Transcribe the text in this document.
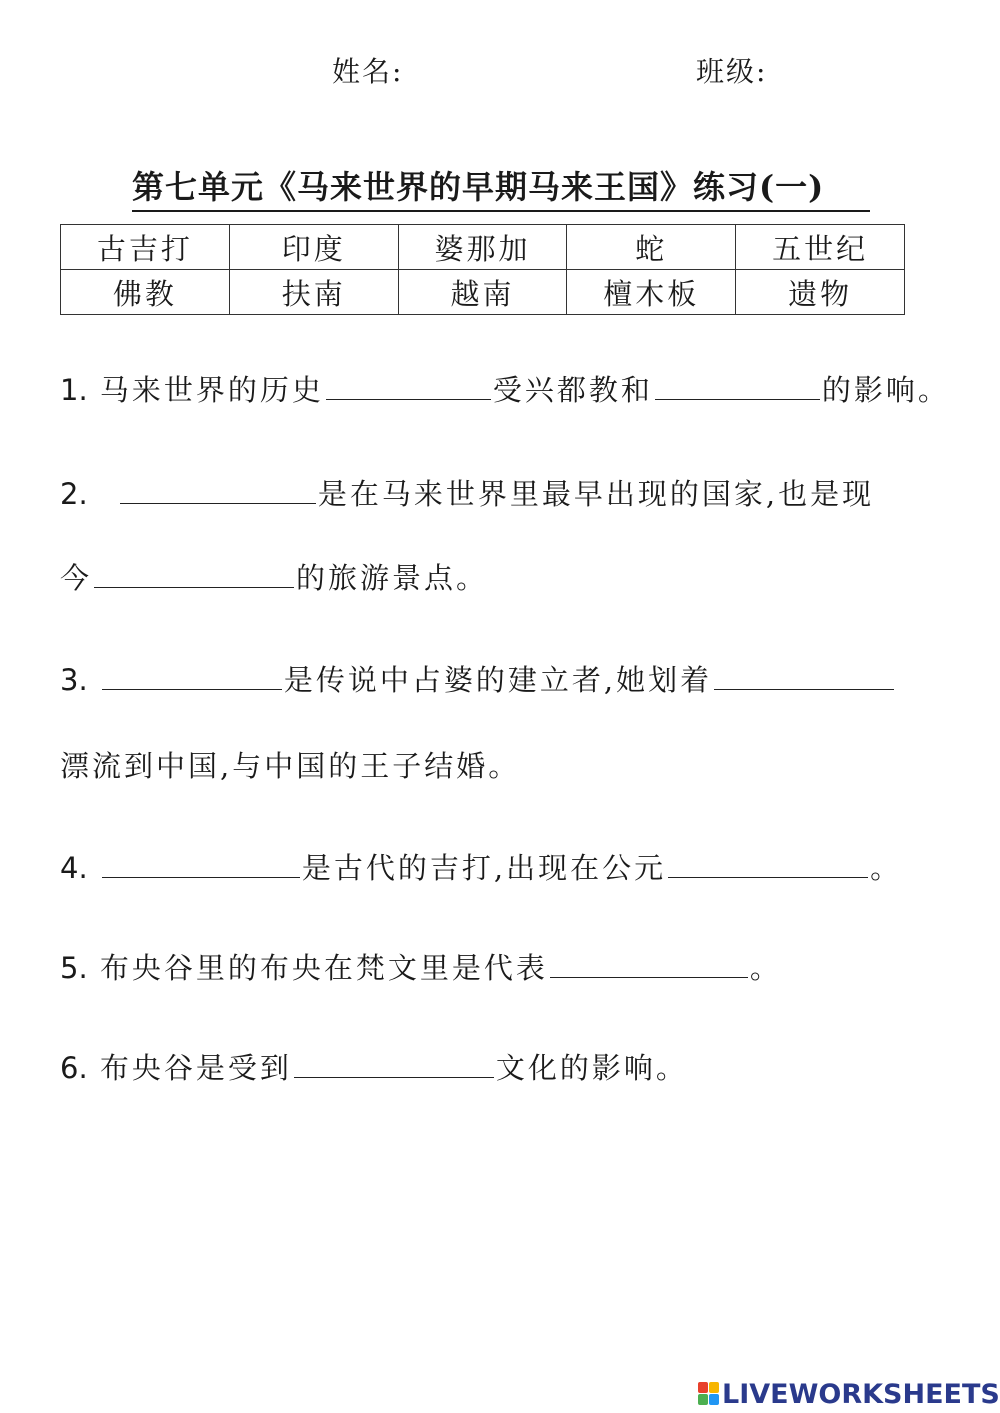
姓名:	班级:
第七单元《马来世界的早期马来王国》练习(一)
古吉打	印度	婆那加	蛇	五世纪
佛教	扶南	越南	檀木板	遗物
1. 马来世界的历史	受兴都教和	的影响。
2.	是在马来世界里最早出现的国家,也是现
今	的旅游景点。
3.	是传说中占婆的建立者,她划着
漂流到中国,与中国的王子结婚。
4.	是古代的吉打,出现在公元	。
5. 布央谷里的布央在梵文里是代表	。
6. 布央谷是受到	文化的影响。
LIVEWORKSHEETS
